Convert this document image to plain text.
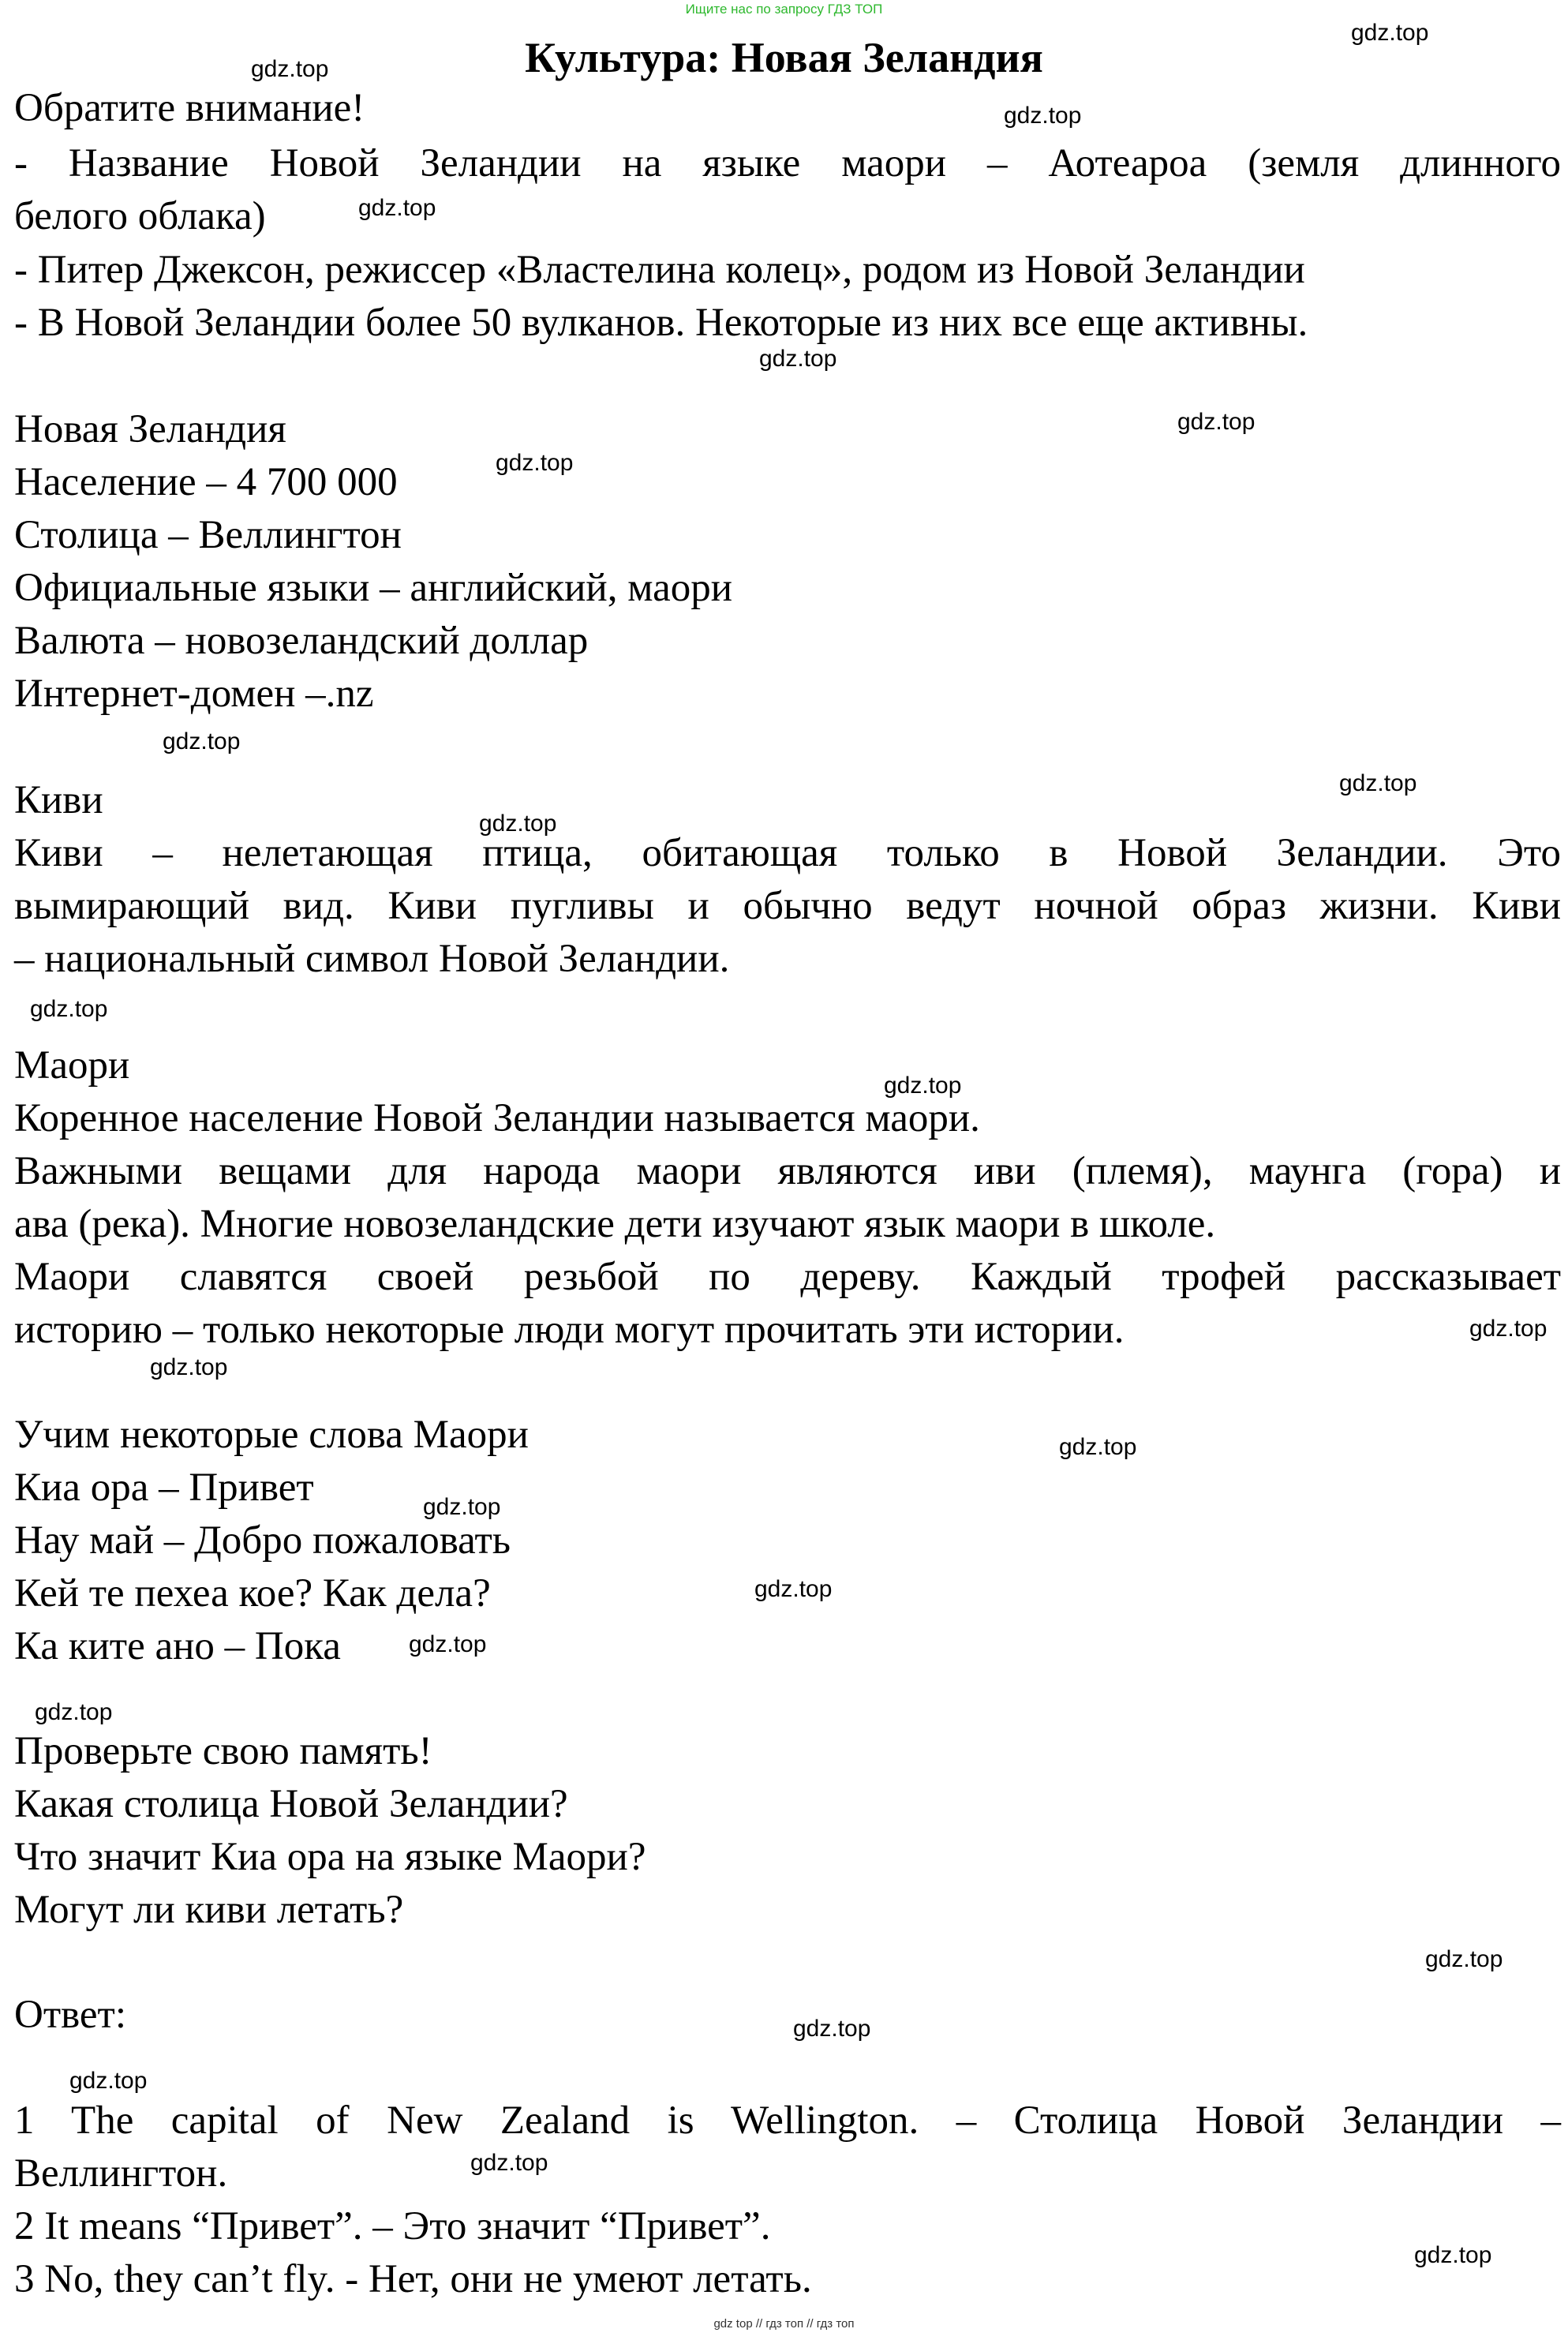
Ищите нас по запросу ГДЗ ТОП
Культура: Новая Зеландия
Обратите внимание!
- Название Новой Зеландии на языке маори – Аотеароа (земля длинного
белого облака)
- Питер Джексон, режиссер «Властелина колец», родом из Новой Зеландии
- В Новой Зеландии более 50 вулканов. Некоторые из них все еще активны.
Новая Зеландия
Население – 4 700 000
Столица – Веллингтон
Официальные языки – английский, маори
Валюта – новозеландский доллар
Интернет-домен –.nz
Киви
Киви – нелетающая птица, обитающая только в Новой Зеландии. Это
вымирающий вид. Киви пугливы и обычно ведут ночной образ жизни. Киви
– национальный символ Новой Зеландии.
Маори
Коренное население Новой Зеландии называется маори.
Важными вещами для народа маори являются иви (племя), маунга (гора) и
ава (река). Многие новозеландские дети изучают язык маори в школе.
Маори славятся своей резьбой по дереву. Каждый трофей рассказывает
историю – только некоторые люди могут прочитать эти истории.
Учим некоторые слова Маори
Киа ора – Привет
Нау май – Добро пожаловать
Кей те пехеа кое? Как дела?
Ка ките ано – Пока
Проверьте свою память!
Какая столица Новой Зеландии?
Что значит Киа ора на языке Маори?
Могут ли киви летать?
Ответ:
1 The capital of New Zealand is Wellington. – Столица Новой Зеландии –
Веллингтон.
2 It means “Привет”. – Это значит “Привет”.
3 No, they can’t fly. - Нет, они не умеют летать.
gdz.top
gdz.top
gdz.top
gdz.top
gdz.top
gdz.top
gdz.top
gdz.top
gdz.top
gdz.top
gdz.top
gdz.top
gdz.top
gdz.top
gdz.top
gdz.top
gdz.top
gdz.top
gdz.top
gdz.top
gdz.top
gdz.top
gdz.top
gdz.top
gdz top // гдз топ // гдз топ
